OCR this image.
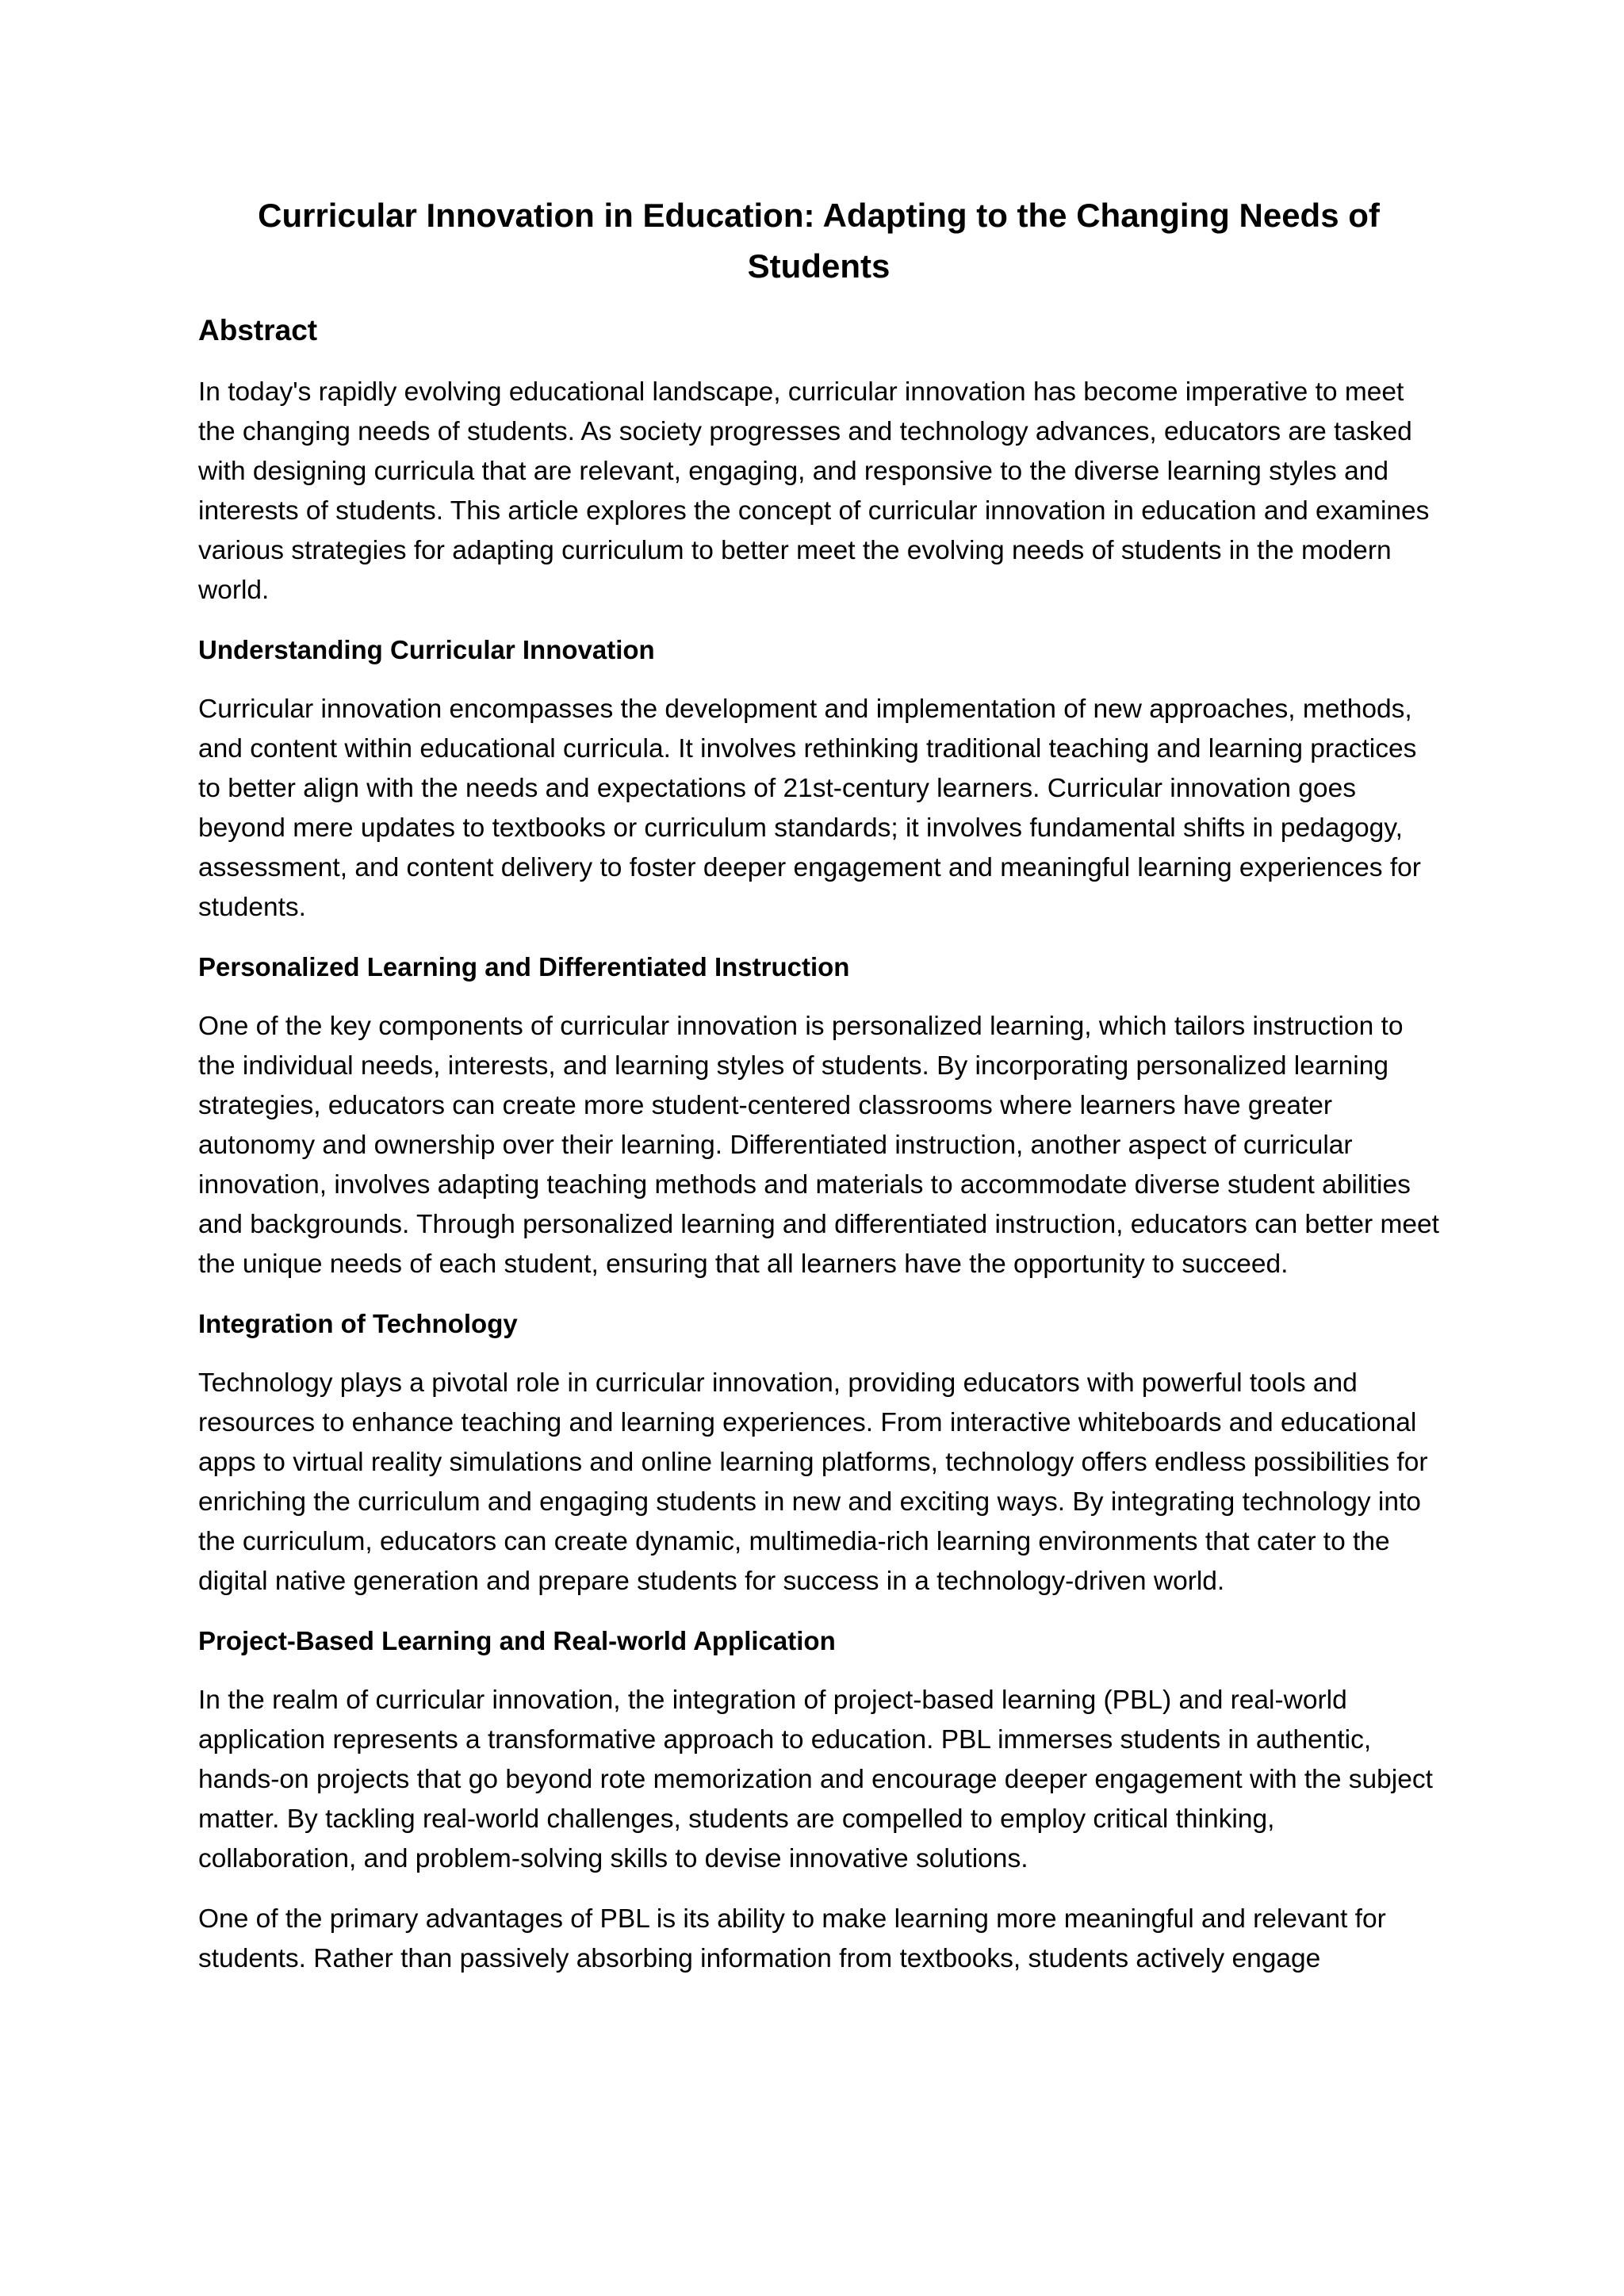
Curricular Innovation in Education: Adapting to the Changing Needs of Students
Abstract

In today's rapidly evolving educational landscape, curricular innovation has become imperative to meet the changing needs of students. As society progresses and technology advances, educators are tasked with designing curricula that are relevant, engaging, and responsive to the diverse learning styles and interests of students. This article explores the concept of curricular innovation in education and examines various strategies for adapting curriculum to better meet the evolving needs of students in the modern world.

Understanding Curricular Innovation

Curricular innovation encompasses the development and implementation of new approaches, methods, and content within educational curricula. It involves rethinking traditional teaching and learning practices to better align with the needs and expectations of 21st-century learners. Curricular innovation goes beyond mere updates to textbooks or curriculum standards; it involves fundamental shifts in pedagogy, assessment, and content delivery to foster deeper engagement and meaningful learning experiences for students.

Personalized Learning and Differentiated Instruction

One of the key components of curricular innovation is personalized learning, which tailors instruction to the individual needs, interests, and learning styles of students. By incorporating personalized learning strategies, educators can create more student-centered classrooms where learners have greater autonomy and ownership over their learning. Differentiated instruction, another aspect of curricular innovation, involves adapting teaching methods and materials to accommodate diverse student abilities and backgrounds. Through personalized learning and differentiated instruction, educators can better meet the unique needs of each student, ensuring that all learners have the opportunity to succeed.

Integration of Technology

Technology plays a pivotal role in curricular innovation, providing educators with powerful tools and resources to enhance teaching and learning experiences. From interactive whiteboards and educational apps to virtual reality simulations and online learning platforms, technology offers endless possibilities for enriching the curriculum and engaging students in new and exciting ways. By integrating technology into the curriculum, educators can create dynamic, multimedia-rich learning environments that cater to the digital native generation and prepare students for success in a technology-driven world.

Project-Based Learning and Real-world Application

In the realm of curricular innovation, the integration of project-based learning (PBL) and real-world application represents a transformative approach to education. PBL immerses students in authentic, hands-on projects that go beyond rote memorization and encourage deeper engagement with the subject matter. By tackling real-world challenges, students are compelled to employ critical thinking, collaboration, and problem-solving skills to devise innovative solutions.

One of the primary advantages of PBL is its ability to make learning more meaningful and relevant for students. Rather than passively absorbing information from textbooks, students actively engage
